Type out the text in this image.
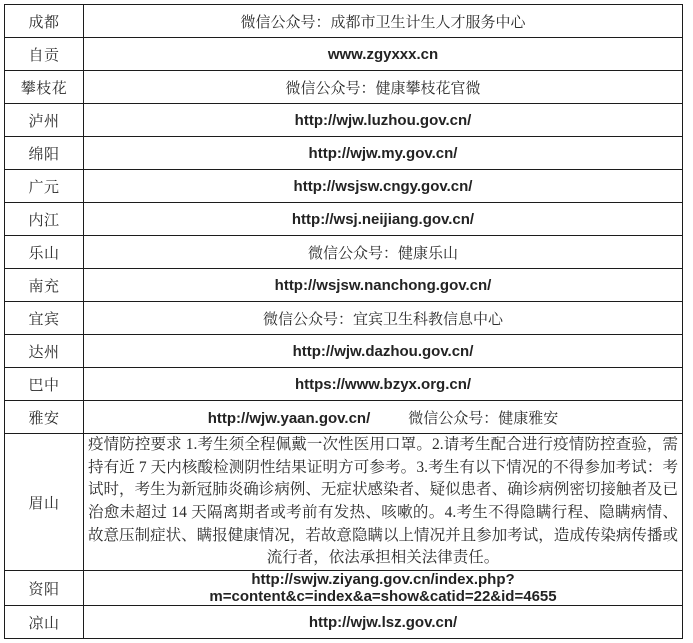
成都	微信公众号：成都市卫生计生人才服务中心
自贡	www.zgyxxx.cn
攀枝花	微信公众号：健康攀枝花官微
泸州	http://wjw.luzhou.gov.cn/
绵阳	http://wjw.my.gov.cn/
广元	http://wsjsw.cngy.gov.cn/
内江	http://wsj.neijiang.gov.cn/
乐山	微信公众号：健康乐山
南充	http://wsjsw.nanchong.gov.cn/
宜宾	微信公众号：宜宾卫生科教信息中心
达州	http://wjw.dazhou.gov.cn/
巴中	https://www.bzyx.org.cn/
雅安	http://wjw.yaan.gov.cn/ 微信公众号：健康雅安
眉山	疫情防控要求 1.考生须全程佩戴一次性医用口罩。2.请考生配合进行疫情防控查验，需持有近 7 天内核酸检测阴性结果证明方可参考。3.考生有以下情况的不得参加考试：考试时，考生为新冠肺炎确诊病例、无症状感染者、疑似患者、确诊病例密切接触者及已治愈未超过 14 天隔离期者或考前有发热、咳嗽的。4.考生不得隐瞒行程、隐瞒病情、故意压制症状、瞒报健康情况，若故意隐瞒以上情况并且参加考试，造成传染病传播或流行者，依法承担相关法律责任。
资阳	http://swjw.ziyang.gov.cn/index.php?m=content&c=index&a=show&catid=22&id=4655
凉山	http://wjw.lsz.gov.cn/
